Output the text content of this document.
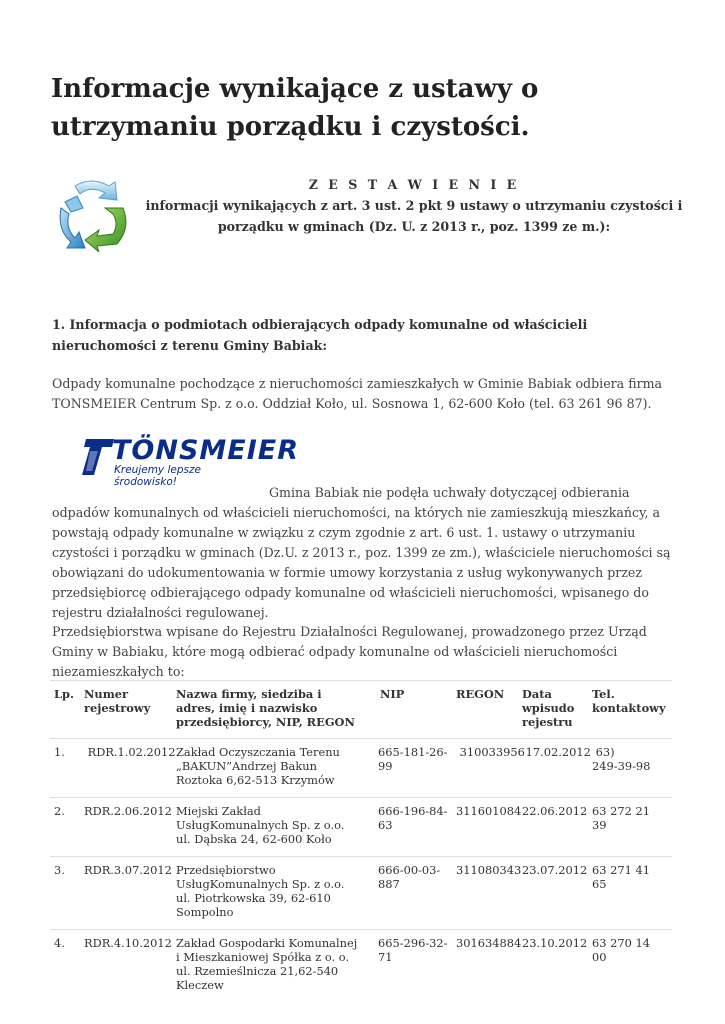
Informacje wynikające z ustawy o utrzymaniu porządku i czystości.
Z E S T A W I E N I E
informacji wynikających z art. 3 ust. 2 pkt 9 ustawy o utrzymaniu czystości i porządku w gminach (Dz. U. z 2013 r., poz. 1399 ze m.):
1. Informacja o podmiotach odbierających odpady komunalne od właścicieli nieruchomości z terenu Gminy Babiak:

Odpady komunalne pochodzące z nieruchomości zamieszkałych w Gminie Babiak odbiera firma TONSMEIER Centrum Sp. z o.o. Oddział Koło, ul. Sosnowa 1, 62-600 Koło (tel. 63 261 96 87).

TÖNSMEIER
Kreujemy lepsze środowisko!

Gmina Babiak nie podęła uchwały dotyczącej odbierania odpadów komunalnych od właścicieli nieruchomości, na których nie zamieszkują mieszkańcy, a powstają odpady komunalne w związku z czym zgodnie z art. 6 ust. 1. ustawy o utrzymaniu czystości i porządku w gminach (Dz.U. z 2013 r., poz. 1399 ze zm.), właściciele nieruchomości są obowiązani do udokumentowania w formie umowy korzystania z usług wykonywanych przez przedsiębiorcę odbierającego odpady komunalne od właścicieli nieruchomości, wpisanego do rejestru działalności regulowanej.

Przedsiębiorstwa wpisane do Rejestru Działalności Regulowanej, prowadzonego przez Urząd Gminy w Babiaku, które mogą odbierać odpady komunalne od właścicieli nieruchomości niezamieszkałych to:

Lp.	Numer rejestrowy	Nazwa firmy, siedziba i adres, imię i nazwisko przedsiębiorcy, NIP, REGON	NIP	REGON	Data wpisudo rejestru	Tel. kontaktowy
1.	RDR.1.02.2012	Zakład Oczyszczania Terenu „BAKUN”Andrzej Bakun Roztoka 6,62-513 Krzymów	665-181-26-99	310033956	17.02.2012	63)
249-39-98
2.	RDR.2.06.2012	Miejski Zakład UsługKomunalnych Sp. z o.o.
ul. Dąbska 24, 62-600 Koło	666-196-84-63	311601084	22.06.2012	63 272 21 39
3.	RDR.3.07.2012	Przedsiębiorstwo UsługKomunalnych Sp. z o.o.
ul. Piotrkowska 39, 62-610 Sompolno	666-00-03-887	311080343	23.07.2012	63 271 41 65
4.	RDR.4.10.2012	Zakład Gospodarki Komunalnej i Mieszkaniowej Spółka z o. o. ul. Rzemieślnicza 21,62-540 Kleczew	665-296-32-71	301634884	23.10.2012	63 270 14 00
